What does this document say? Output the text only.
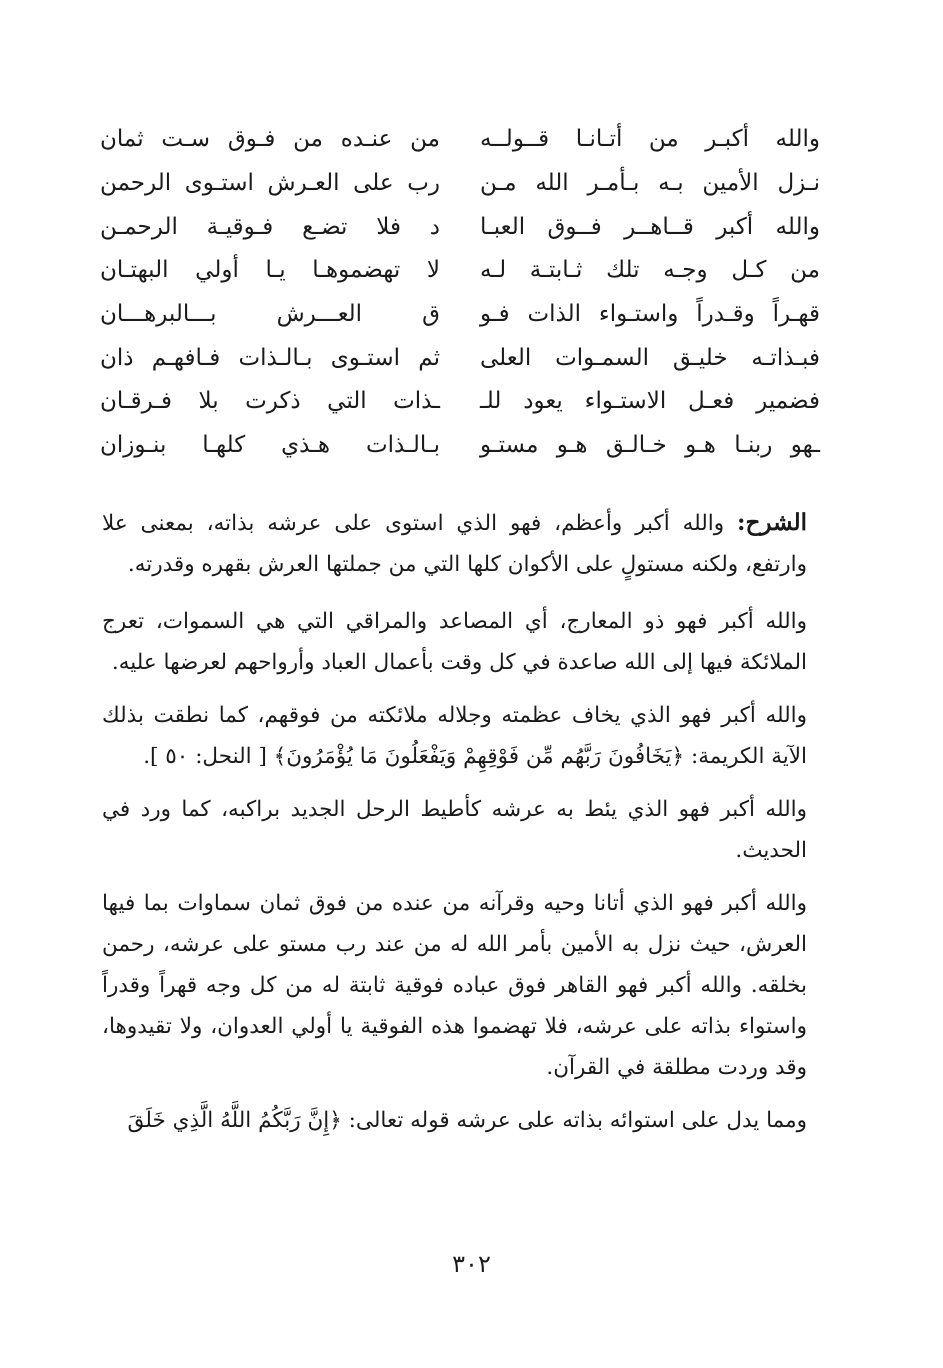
والله أكبـر من أتـانـا قــولــه
من عنـده من فـوق سـت ثمان
نـزل الأمين بـه بـأمـر الله مـن
رب على العـرش استـوى الرحمن
والله أكبر قــاهــر فــوق العبـا
د فلا تضـع فـوقيـة الرحمـن
من كـل وجـه تلك ثـابتـة لـه
لا تهضموهـا يـا أولي البهتـان
قهـراً وقـدراً واستـواء الذات فـو
ق العـــرش بـــالبرهـــان
فبـذاتـه خليـق السمـوات العلى
ثم استـوى بـالـذات فـافهـم ذان
فضمير فعـل الاستـواء يعود للـ
ـذات التي ذكرت بلا فـرقـان
ـهو ربنـا هـو خـالـق هـو مستـو
بـالـذات هـذي كلهـا بنـوزان

الشرح: والله أكبر وأعظم، فهو الذي استوى على عرشه بذاته، بمعنى علا وارتفع، ولكنه مستولٍ على الأكوان كلها التي من جملتها العرش بقهره وقدرته.

والله أكبر فهو ذو المعارج، أي المصاعد والمراقي التي هي السموات، تعرج الملائكة فيها إلى الله صاعدة في كل وقت بأعمال العباد وأرواحهم لعرضها عليه.

والله أكبر فهو الذي يخاف عظمته وجلاله ملائكته من فوقهم، كما نطقت بذلك الآية الكريمة: ﴿يَخَافُونَ رَبَّهُم مِّن فَوْقِهِمْ وَيَفْعَلُونَ مَا يُؤْمَرُونَ﴾ [ النحل: ٥٠ ].

والله أكبر فهو الذي يئط به عرشه كأطيط الرحل الجديد براكبه، كما ورد في الحديث.

والله أكبر فهو الذي أتانا وحيه وقرآنه من عنده من فوق ثمان سماوات بما فيها العرش، حيث نزل به الأمين بأمر الله له من عند رب مستو على عرشه، رحمن بخلقه. والله أكبر فهو القاهر فوق عباده فوقية ثابتة له من كل وجه قهراً وقدراً واستواء بذاته على عرشه، فلا تهضموا هذه الفوقية يا أولي العدوان، ولا تقيدوها، وقد وردت مطلقة في القرآن.

ومما يدل على استوائه بذاته على عرشه قوله تعالى: ﴿إِنَّ رَبَّكُمُ اللَّهُ الَّذِي خَلَقَ

٣٠٢
